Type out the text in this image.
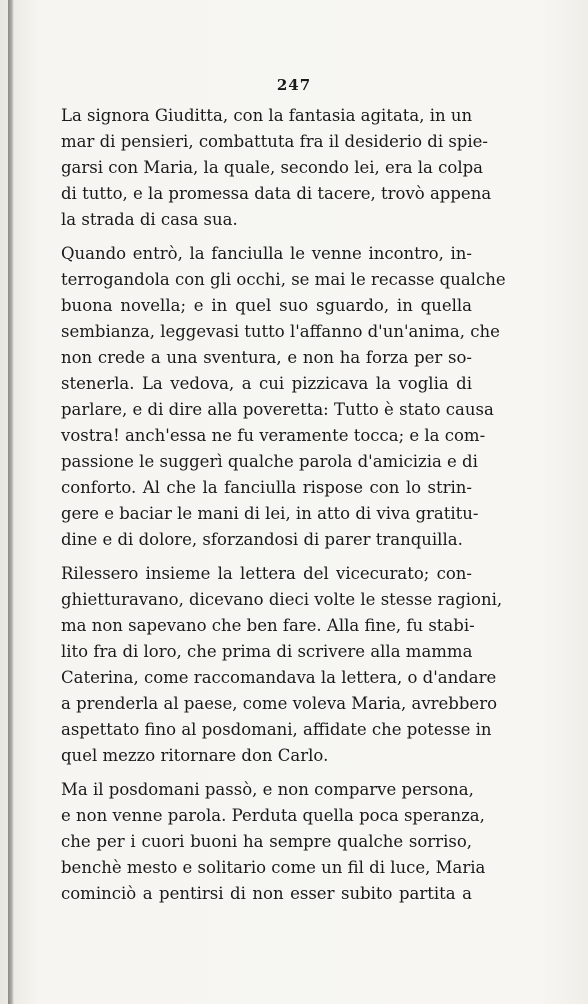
247
La signora Giuditta, con la fantasia agitata, in un
mar di pensieri, combattuta fra il desiderio di spie-
garsi con Maria, la quale, secondo lei, era la colpa
di tutto, e la promessa data di tacere, trovò appena
la strada di casa sua.
Quando entrò, la fanciulla le venne incontro, in-
terrogandola con gli occhi, se mai le recasse qualche
buona novella; e in quel suo sguardo, in quella
sembianza, leggevasi tutto l'affanno d'un'anima, che
non crede a una sventura, e non ha forza per so-
stenerla. La vedova, a cui pizzicava la voglia di
parlare, e di dire alla poveretta: Tutto è stato causa
vostra! anch'essa ne fu veramente tocca; e la com-
passione le suggerì qualche parola d'amicizia e di
conforto. Al che la fanciulla rispose con lo strin-
gere e baciar le mani di lei, in atto di viva gratitu-
dine e di dolore, sforzandosi di parer tranquilla.
Rilessero insieme la lettera del vicecurato; con-
ghietturavano, dicevano dieci volte le stesse ragioni,
ma non sapevano che ben fare. Alla fine, fu stabi-
lito fra di loro, che prima di scrivere alla mamma
Caterina, come raccomandava la lettera, o d'andare
a prenderla al paese, come voleva Maria, avrebbero
aspettato fino al posdomani, affidate che potesse in
quel mezzo ritornare don Carlo.
Ma il posdomani passò, e non comparve persona,
e non venne parola. Perduta quella poca speranza,
che per i cuori buoni ha sempre qualche sorriso,
benchè mesto e solitario come un fil di luce, Maria
cominciò a pentirsi di non esser subito partita a
